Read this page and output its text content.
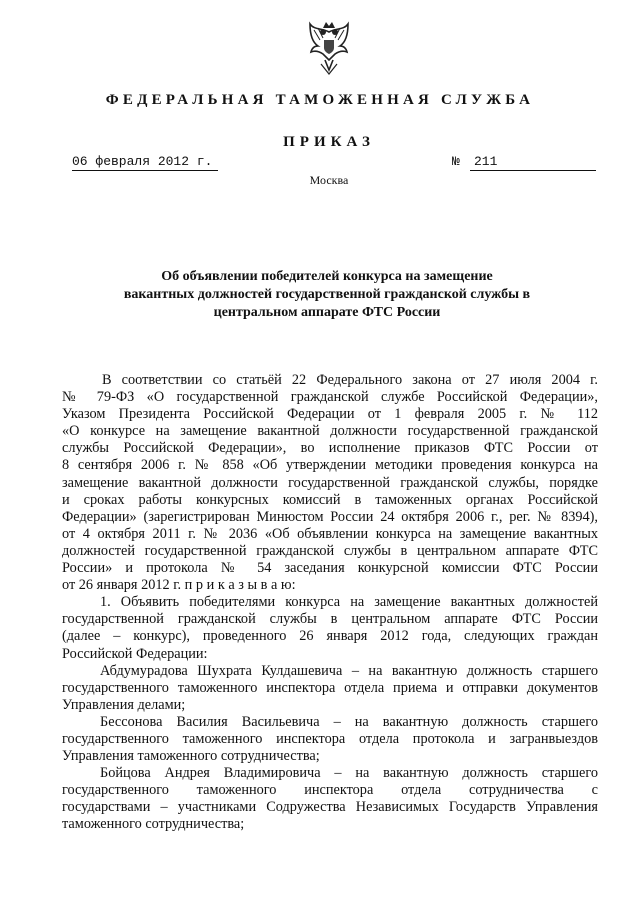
ФЕДЕРАЛЬНАЯ ТАМОЖЕННАЯ СЛУЖБА
ПРИКАЗ
06 февраля 2012 г.	№	211
Москва
Об объявлении победителей конкурса на замещение
вакантных должностей государственной гражданской службы в
центральном аппарате ФТС России
В соответствии со статьёй 22 Федерального закона от 27 июля 2004 г.
№ 79-ФЗ «О государственной гражданской службе Российской Федерации»,
Указом Президента Российской Федерации от 1 февраля 2005 г. № 112
«О конкурсе на замещение вакантной должности государственной гражданской
службы Российской Федерации», во исполнение приказов ФТС России от
8 сентября 2006 г. № 858 «Об утверждении методики проведения конкурса на
замещение вакантной должности государственной гражданской службы, порядке
и сроках работы конкурсных комиссий в таможенных органах Российской
Федерации» (зарегистрирован Минюстом России 24 октября 2006 г., рег. № 8394),
от 4 октября 2011 г. № 2036 «Об объявлении конкурса на замещение вакантных
должностей государственной гражданской службы в центральном аппарате ФТС
России» и протокола № 54 заседания конкурсной комиссии ФТС России
от 26 января 2012 г. п р и к а з ы в а ю:
1. Объявить победителями конкурса на замещение вакантных должностей
государственной гражданской службы в центральном аппарате ФТС России
(далее – конкурс), проведенного 26 января 2012 года, следующих граждан
Российской Федерации:
Абдумурадова Шухрата Кулдашевича – на вакантную должность старшего
государственного таможенного инспектора отдела приема и отправки документов
Управления делами;
Бессонова Василия Васильевича – на вакантную должность старшего
государственного таможенного инспектора отдела протокола и загранвыездов
Управления таможенного сотрудничества;
Бойцова Андрея Владимировича – на вакантную должность старшего
государственного таможенного инспектора отдела сотрудничества с
государствами – участниками Содружества Независимых Государств Управления
таможенного сотрудничества;
